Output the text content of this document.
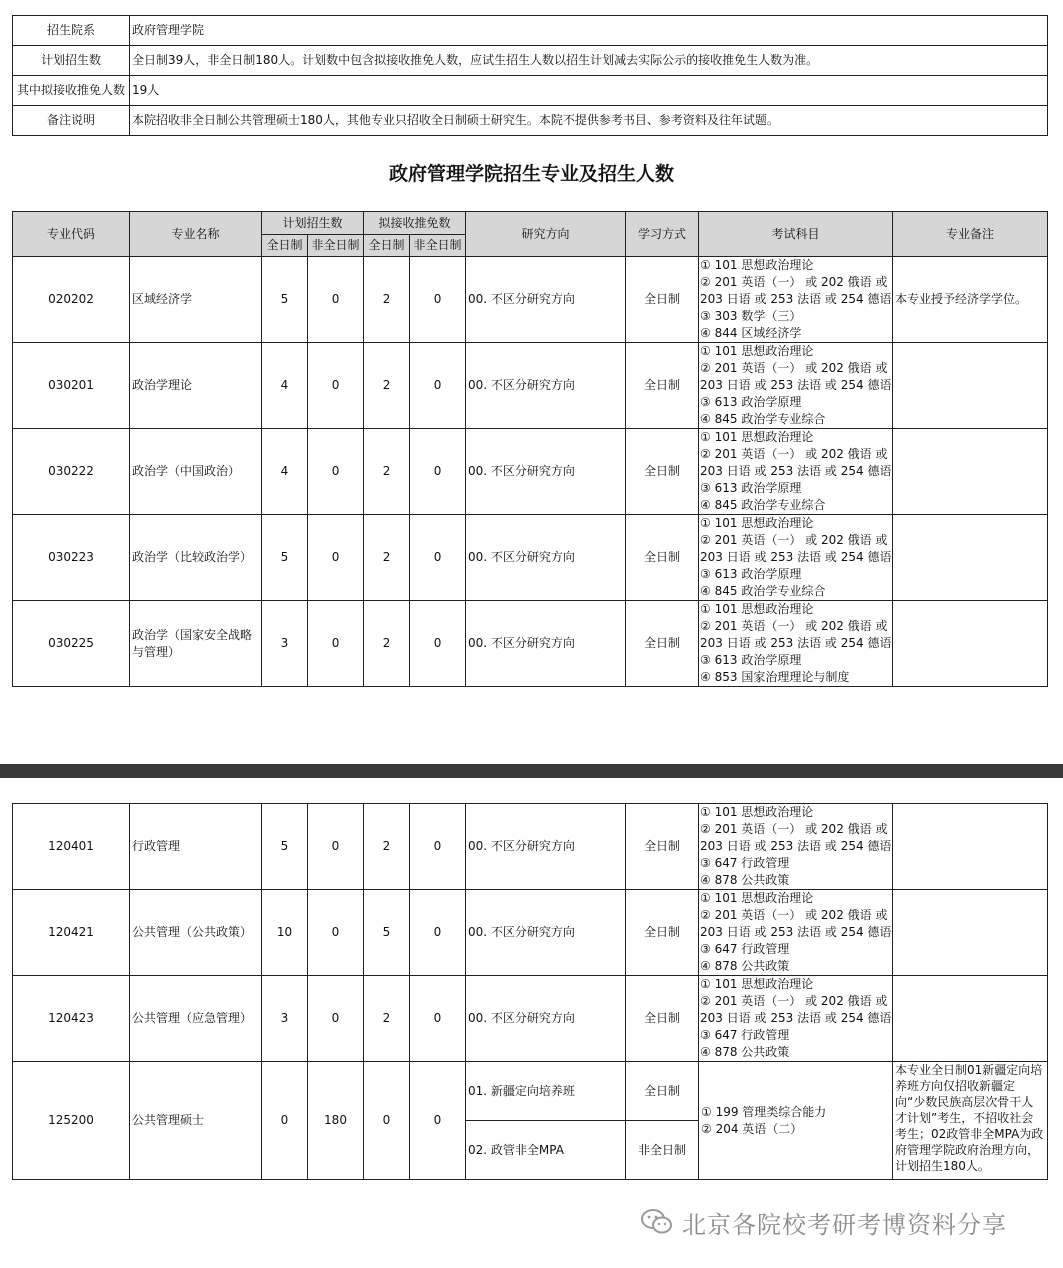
招生院系	政府管理学院
计划招生数	全日制39人，非全日制180人。计划数中包含拟接收推免人数，应试生招生人数以招生计划减去实际公示的接收推免生人数为准。
其中拟接收推免人数	19人
备注说明	本院招收非全日制公共管理硕士180人，其他专业只招收全日制硕士研究生。本院不提供参考书目、参考资料及往年试题。
政府管理学院招生专业及招生人数
专业代码	专业名称	计划招生数		拟接收推免数		研究方向	学习方式	考试科目	专业备注
		全日制	非全日制	全日制	非全日制				
020202	区域经济学	5	0	2	0	00. 不区分研究方向	全日制	① 101 思想政治理论
② 201 英语（一） 或 202 俄语 或
203 日语 或 253 法语 或 254 德语
③ 303 数学（三）
④ 844 区域经济学	本专业授予经济学学位。
030201	政治学理论	4	0	2	0	00. 不区分研究方向	全日制	① 101 思想政治理论
② 201 英语（一） 或 202 俄语 或
203 日语 或 253 法语 或 254 德语
③ 613 政治学原理
④ 845 政治学专业综合	

030222	政治学（中国政治）	4	0	2	0	00. 不区分研究方向	全日制	① 101 思想政治理论
② 201 英语（一） 或 202 俄语 或
203 日语 或 253 法语 或 254 德语
③ 613 政治学原理
④ 845 政治学专业综合	

030223	政治学（比较政治学）	5	0	2	0	00. 不区分研究方向	全日制	① 101 思想政治理论
② 201 英语（一） 或 202 俄语 或
203 日语 或 253 法语 或 254 德语
③ 613 政治学原理
④ 845 政治学专业综合	

030225	政治学（国家安全战略与管理）	3	0	2	0	00. 不区分研究方向	全日制	① 101 思想政治理论
② 201 英语（一） 或 202 俄语 或
203 日语 或 253 法语 或 254 德语
③ 613 政治学原理
④ 853 国家治理理论与制度	

120401	行政管理	5	0	2	0	00. 不区分研究方向	全日制	① 101 思想政治理论
② 201 英语（一） 或 202 俄语 或
203 日语 或 253 法语 或 254 德语
③ 647 行政管理
④ 878 公共政策	

120421	公共管理（公共政策）	10	0	5	0	00. 不区分研究方向	全日制	① 101 思想政治理论
② 201 英语（一） 或 202 俄语 或
203 日语 或 253 法语 或 254 德语
③ 647 行政管理
④ 878 公共政策	

120423	公共管理（应急管理）	3	0	2	0	00. 不区分研究方向	全日制	① 101 思想政治理论
② 201 英语（一） 或 202 俄语 或
203 日语 或 253 法语 或 254 德语
③ 647 行政管理
④ 878 公共政策	

125200	公共管理硕士	0	180	0	0	01. 新疆定向培养班	全日制	① 199 管理类综合能力
② 204 英语（二）	本专业全日制01新疆定向培养班方向仅招收新疆定向“少数民族高层次骨干人才计划”考生，不招收社会考生；02政管非全MPA为政府管理学院政府治理方向，计划招生180人。
						02. 政管非全MPA	非全日制		
北京各院校考研考博资料分享
